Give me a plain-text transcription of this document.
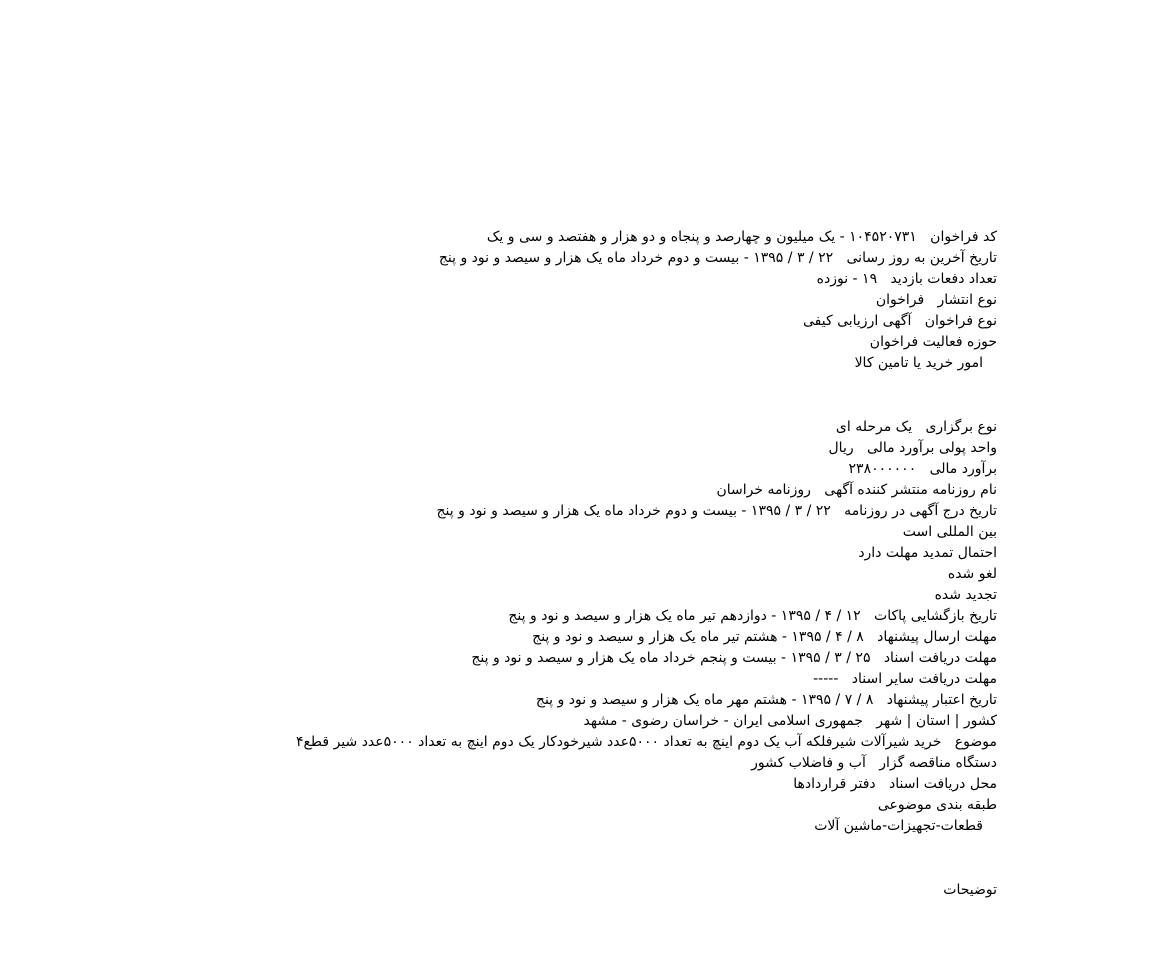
کد فراخوان   ۱۰۴۵۲۰۷۳۱ - یک میلیون و چهارصد و پنجاه و دو هزار و هفتصد و سی و یک
تاریخ آخرین به روز رسانی   ۲۲ / ۳ / ۱۳۹۵ - بیست و دوم خرداد ماه یک هزار و سیصد و نود و پنج
تعداد دفعات بازدید   ۱۹ - نوزده
نوع انتشار   فراخوان
نوع فراخوان   آگهی ارزیابی کیفی
حوزه فعالیت فراخوان
امور خرید یا تامین کالا
نوع برگزاری   یک مرحله ای
واحد پولی برآورد مالی   ریال
برآورد مالی   ۲۳۸۰۰۰۰۰۰
نام روزنامه منتشر کننده آگهی   روزنامه خراسان
تاریخ درج آگهی در روزنامه   ۲۲ / ۳ / ۱۳۹۵ - بیست و دوم خرداد ماه یک هزار و سیصد و نود و پنج
بین المللی است
احتمال تمدید مهلت دارد
لغو شده
تجدید شده
تاریخ بازگشایی پاکات   ۱۲ / ۴ / ۱۳۹۵ - دوازدهم تیر ماه یک هزار و سیصد و نود و پنج
مهلت ارسال پیشنهاد   ۸ / ۴ / ۱۳۹۵ - هشتم تیر ماه یک هزار و سیصد و نود و پنج
مهلت دریافت اسناد   ۲۵ / ۳ / ۱۳۹۵ - بیست و پنجم خرداد ماه یک هزار و سیصد و نود و پنج
مهلت دریافت سایر اسناد   -----
تاریخ اعتبار پیشنهاد   ۸ / ۷ / ۱۳۹۵ - هشتم مهر ماه یک هزار و سیصد و نود و پنج
کشور | استان | شهر   جمهوری اسلامی ایران - خراسان رضوی - مشهد
موضوع   خرید شیرآلات شیرفلکه آب یک دوم اینچ به تعداد ۵۰۰۰عدد شیرخودکار یک دوم اینچ به تعداد ۵۰۰۰عدد شیر قطع۴
دستگاه مناقصه گزار   آب و فاضلاب کشور
محل دریافت اسناد   دفتر قراردادها
طبقه بندی موضوعی
قطعات-تجهیزات-ماشین آلات
توضیحات
